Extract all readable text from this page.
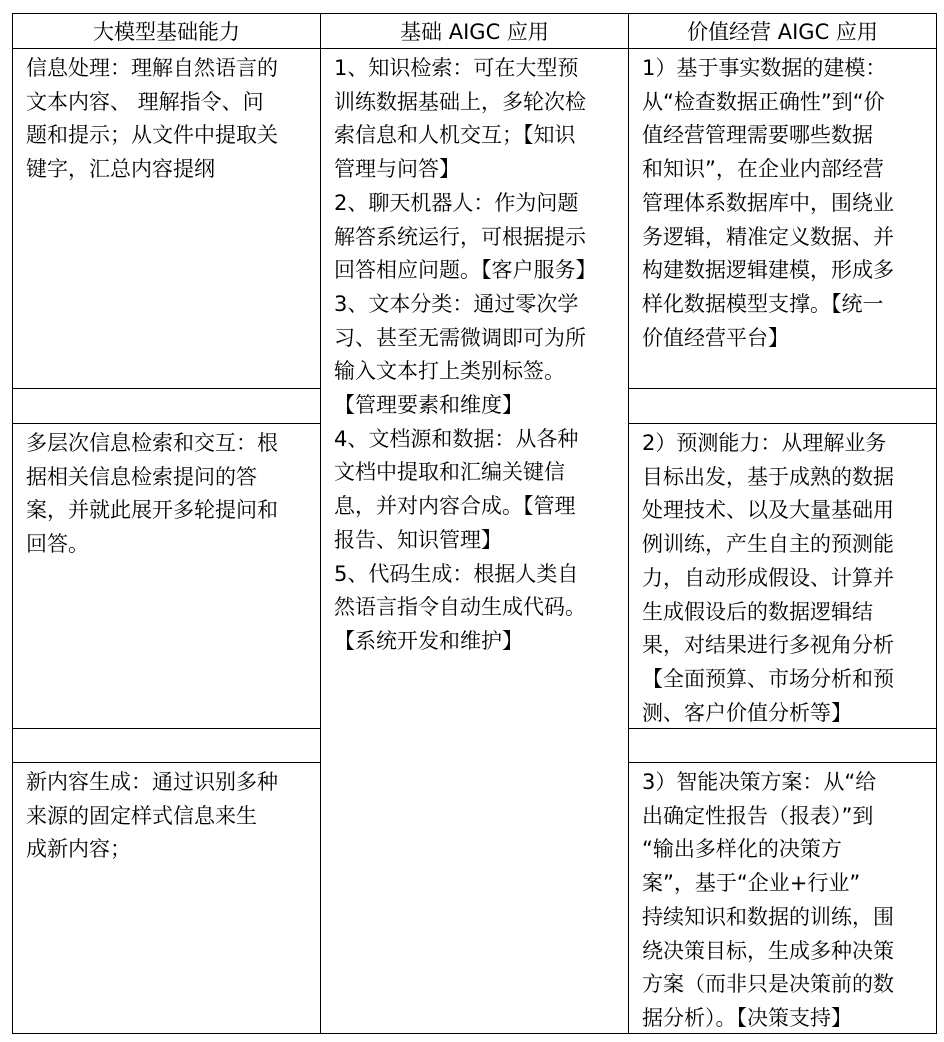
大模型基础能力	基础 AIGC 应用	价值经营 AIGC 应用
信息处理：理解自然语言的
文本内容、 理解指令、问
题和提示；从文件中提取关
键字，汇总内容提纲
多层次信息检索和交互：根
据相关信息检索提问的答
案，并就此展开多轮提问和
回答。
新内容生成：通过识别多种
来源的固定样式信息来生
成新内容；
1、知识检索：可在大型预
训练数据基础上，多轮次检
索信息和人机交互；【知识
管理与问答】
2、聊天机器人：作为问题
解答系统运行，可根据提示
回答相应问题。【客户服务】
3、文本分类：通过零次学
习、甚至无需微调即可为所
输入文本打上类别标签。
【管理要素和维度】
4、文档源和数据：从各种
文档中提取和汇编关键信
息，并对内容合成。【管理
报告、知识管理】
5、代码生成：根据人类自
然语言指令自动生成代码。
【系统开发和维护】
1）基于事实数据的建模：
从“检查数据正确性”到“价
值经营管理需要哪些数据
和知识”，在企业内部经营
管理体系数据库中，围绕业
务逻辑，精准定义数据、并
构建数据逻辑建模，形成多
样化数据模型支撑。【统一
价值经营平台】
2）预测能力：从理解业务
目标出发，基于成熟的数据
处理技术、以及大量基础用
例训练，产生自主的预测能
力，自动形成假设、计算并
生成假设后的数据逻辑结
果，对结果进行多视角分析
【全面预算、市场分析和预
测、客户价值分析等】
3）智能决策方案：从“给
出确定性报告（报表）”到
“输出多样化的决策方
案”，基于“企业+行业”
持续知识和数据的训练，围
绕决策目标，生成多种决策
方案（而非只是决策前的数
据分析）。【决策支持】
